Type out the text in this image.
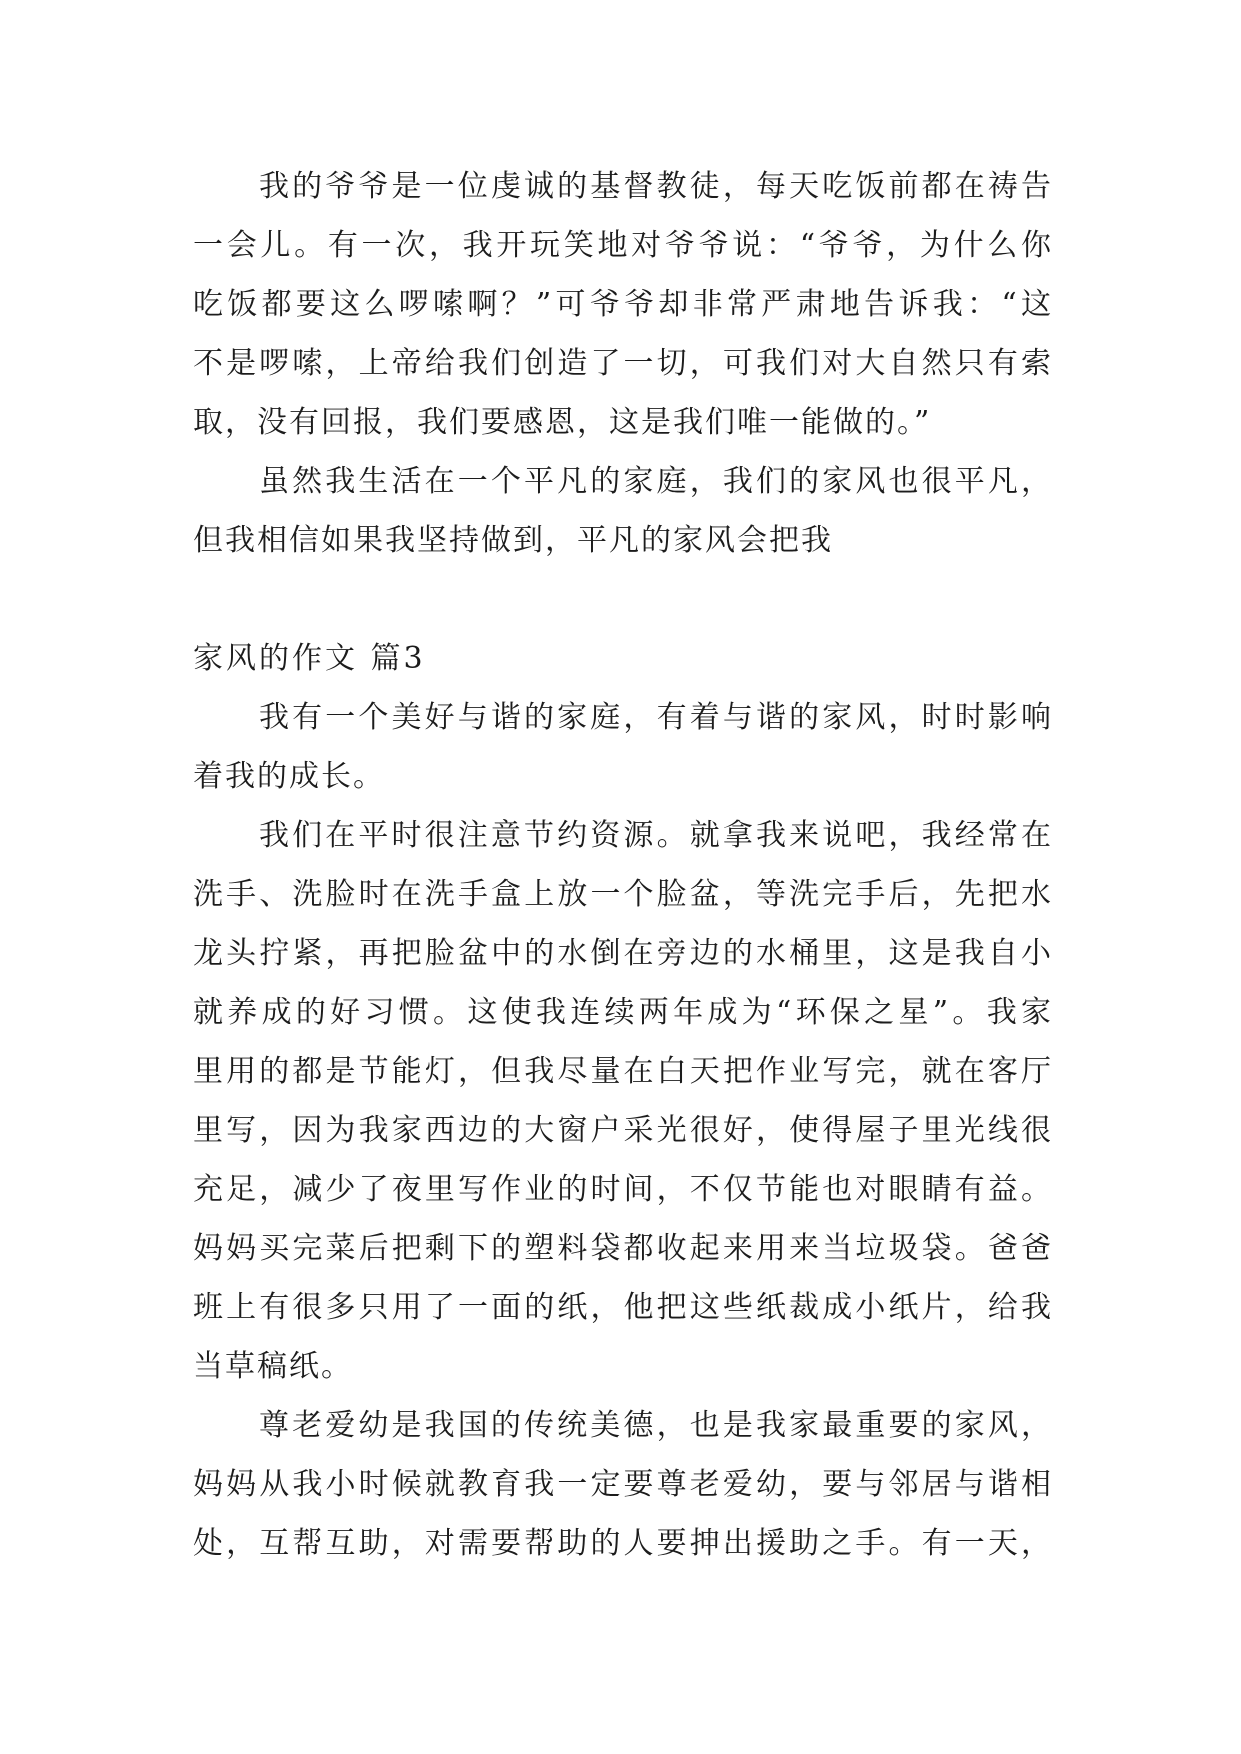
我的爷爷是一位虔诚的基督教徒，每天吃饭前都在祷告
一会儿。有一次，我开玩笑地对爷爷说：“爷爷，为什么你
吃饭都要这么啰嗦啊？”可爷爷却非常严肃地告诉我：“这
不是啰嗦，上帝给我们创造了一切，可我们对大自然只有索
取，没有回报，我们要感恩，这是我们唯一能做的。”
虽然我生活在一个平凡的家庭，我们的家风也很平凡，
但我相信如果我坚持做到，平凡的家风会把我
家风的作文 篇3
我有一个美好与谐的家庭，有着与谐的家风，时时影响
着我的成长。
我们在平时很注意节约资源。就拿我来说吧，我经常在
洗手、洗脸时在洗手盒上放一个脸盆，等洗完手后，先把水
龙头拧紧，再把脸盆中的水倒在旁边的水桶里，这是我自小
就养成的好习惯。这使我连续两年成为“环保之星”。我家
里用的都是节能灯，但我尽量在白天把作业写完，就在客厅
里写，因为我家西边的大窗户采光很好，使得屋子里光线很
充足，减少了夜里写作业的时间，不仅节能也对眼睛有益。
妈妈买完菜后把剩下的塑料袋都收起来用来当垃圾袋。爸爸
班上有很多只用了一面的纸，他把这些纸裁成小纸片，给我
当草稿纸。
尊老爱幼是我国的传统美德，也是我家最重要的家风，
妈妈从我小时候就教育我一定要尊老爱幼，要与邻居与谐相
处，互帮互助，对需要帮助的人要抻出援助之手。有一天，
